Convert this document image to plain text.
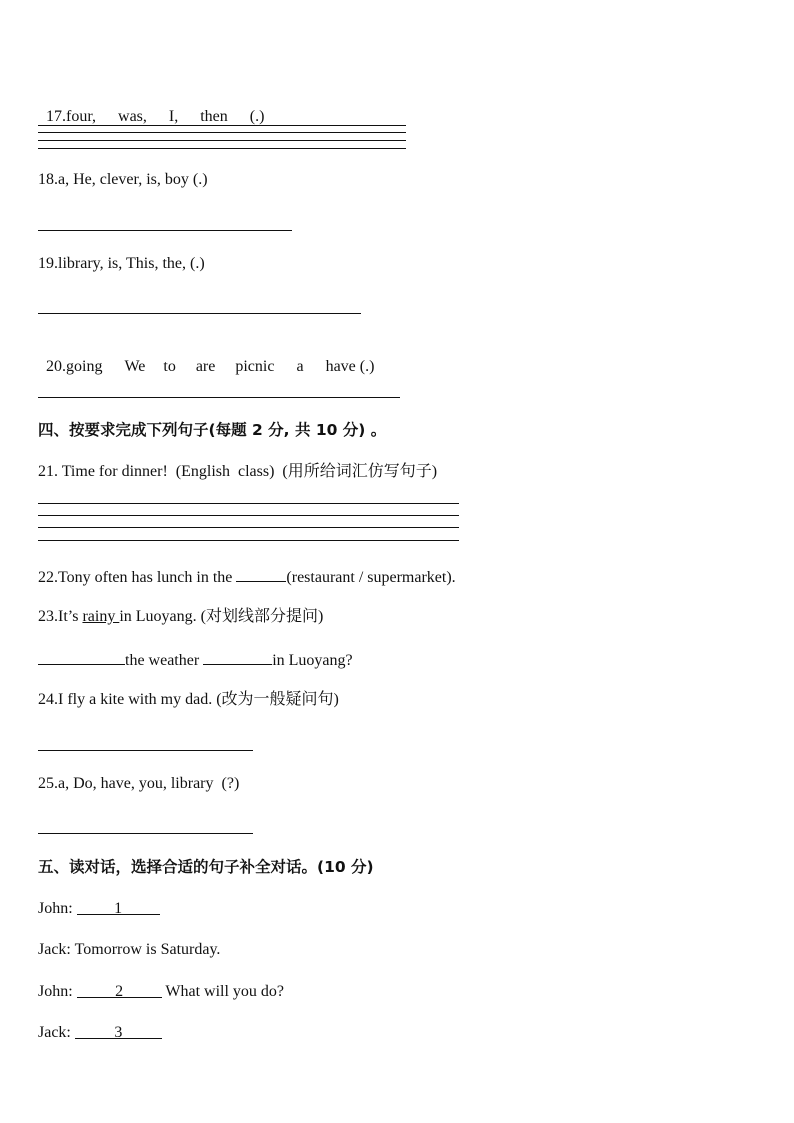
17.four, was, I, then (.)

18.a, He, clever, is, boy (.)
19.library, is, This, the, (.)

20.going We to are picnic a have (.)

四、按要求完成下列句子(每题 2 分, 共 10 分) 。
21. Time for dinner!  (English  class)  (用所给词汇仿写句子)
22.Tony often has lunch in the	(restaurant / supermarket).
23.It’s rainy in Luoyang. (对划线部分提问)
the weather	in Luoyang?
24.I fly a kite with my dad. (改为一般疑问句)
25.a, Do, have, you, library  (?)
五、读对话，选择合适的句子补全对话。(10 分)
John: 1
Jack: Tomorrow is Saturday.
John: 2 What will you do?
Jack: 3
